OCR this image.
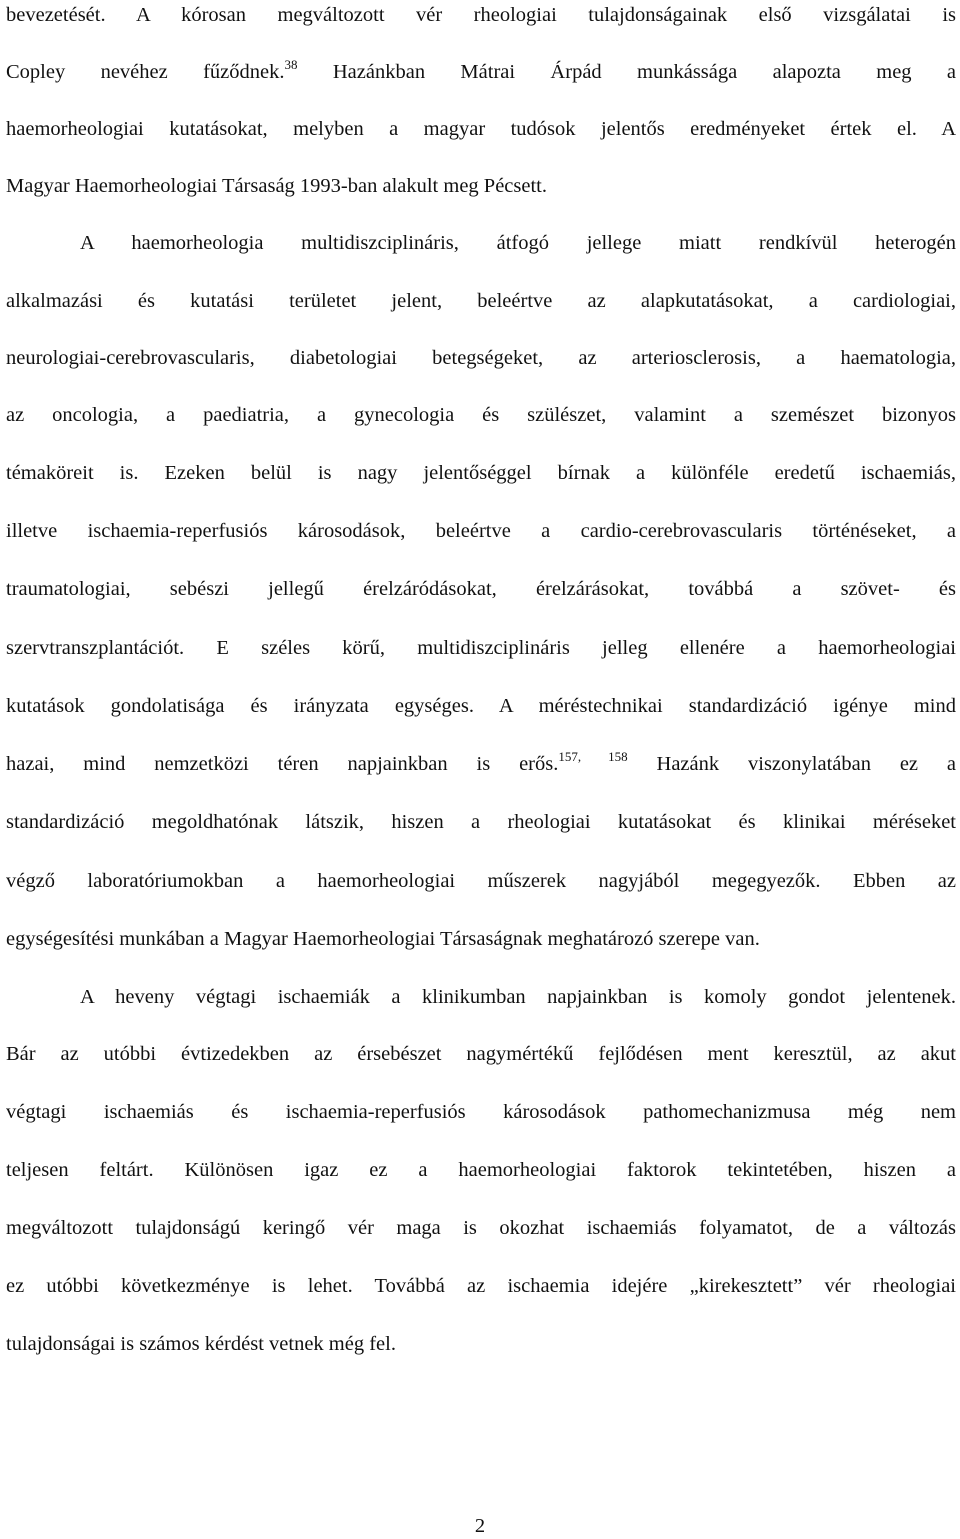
bevezetését. A kórosan megváltozott vér rheologiai tulajdonságainak első vizsgálatai is
Copley nevéhez fűződnek.$^{38}$ Hazánkban Mátrai Árpád munkássága alapozta meg a
haemorheologiai kutatásokat, melyben a magyar tudósok jelentős eredményeket értek el. A
Magyar Haemorheologiai Társaság 1993-ban alakult meg Pécsett.
A haemorheologia multidiszciplináris, átfogó jellege miatt rendkívül heterogén
alkalmazási és kutatási területet jelent, beleértve az alapkutatásokat, a cardiologiai,
neurologiai-cerebrovascularis, diabetologiai betegségeket, az arteriosclerosis, a haematologia,
az oncologia, a paediatria, a gynecologia és szülészet, valamint a szemészet bizonyos
témaköreit is. Ezeken belül is nagy jelentőséggel bírnak a különféle eredetű ischaemiás,
illetve ischaemia-reperfusiós károsodások, beleértve a cardio-cerebrovascularis történéseket, a
traumatologiai, sebészi jellegű érelzáródásokat, érelzárásokat, továbbá a szövet- és
szervtranszplantációt. E széles körű, multidiszciplináris jelleg ellenére a haemorheologiai
kutatások gondolatisága és irányzata egységes. A méréstechnikai standardizáció igénye mind
hazai, mind nemzetközi téren napjainkban is erős.$^{157, 158}$ Hazánk viszonylatában ez a
standardizáció megoldhatónak látszik, hiszen a rheologiai kutatásokat és klinikai méréseket
végző laboratóriumokban a haemorheologiai műszerek nagyjából megegyezők. Ebben az
egységesítési munkában a Magyar Haemorheologiai Társaságnak meghatározó szerepe van.
A heveny végtagi ischaemiák a klinikumban napjainkban is komoly gondot jelentenek.
Bár az utóbbi évtizedekben az érsebészet nagymértékű fejlődésen ment keresztül, az akut
végtagi ischaemiás és ischaemia-reperfusiós károsodások pathomechanizmusa még nem
teljesen feltárt. Különösen igaz ez a haemorheologiai faktorok tekintetében, hiszen a
megváltozott tulajdonságú keringő vér maga is okozhat ischaemiás folyamatot, de a változás
ez utóbbi következménye is lehet. Továbbá az ischaemia idejére „kirekesztett” vér rheologiai
tulajdonságai is számos kérdést vetnek még fel.
2
